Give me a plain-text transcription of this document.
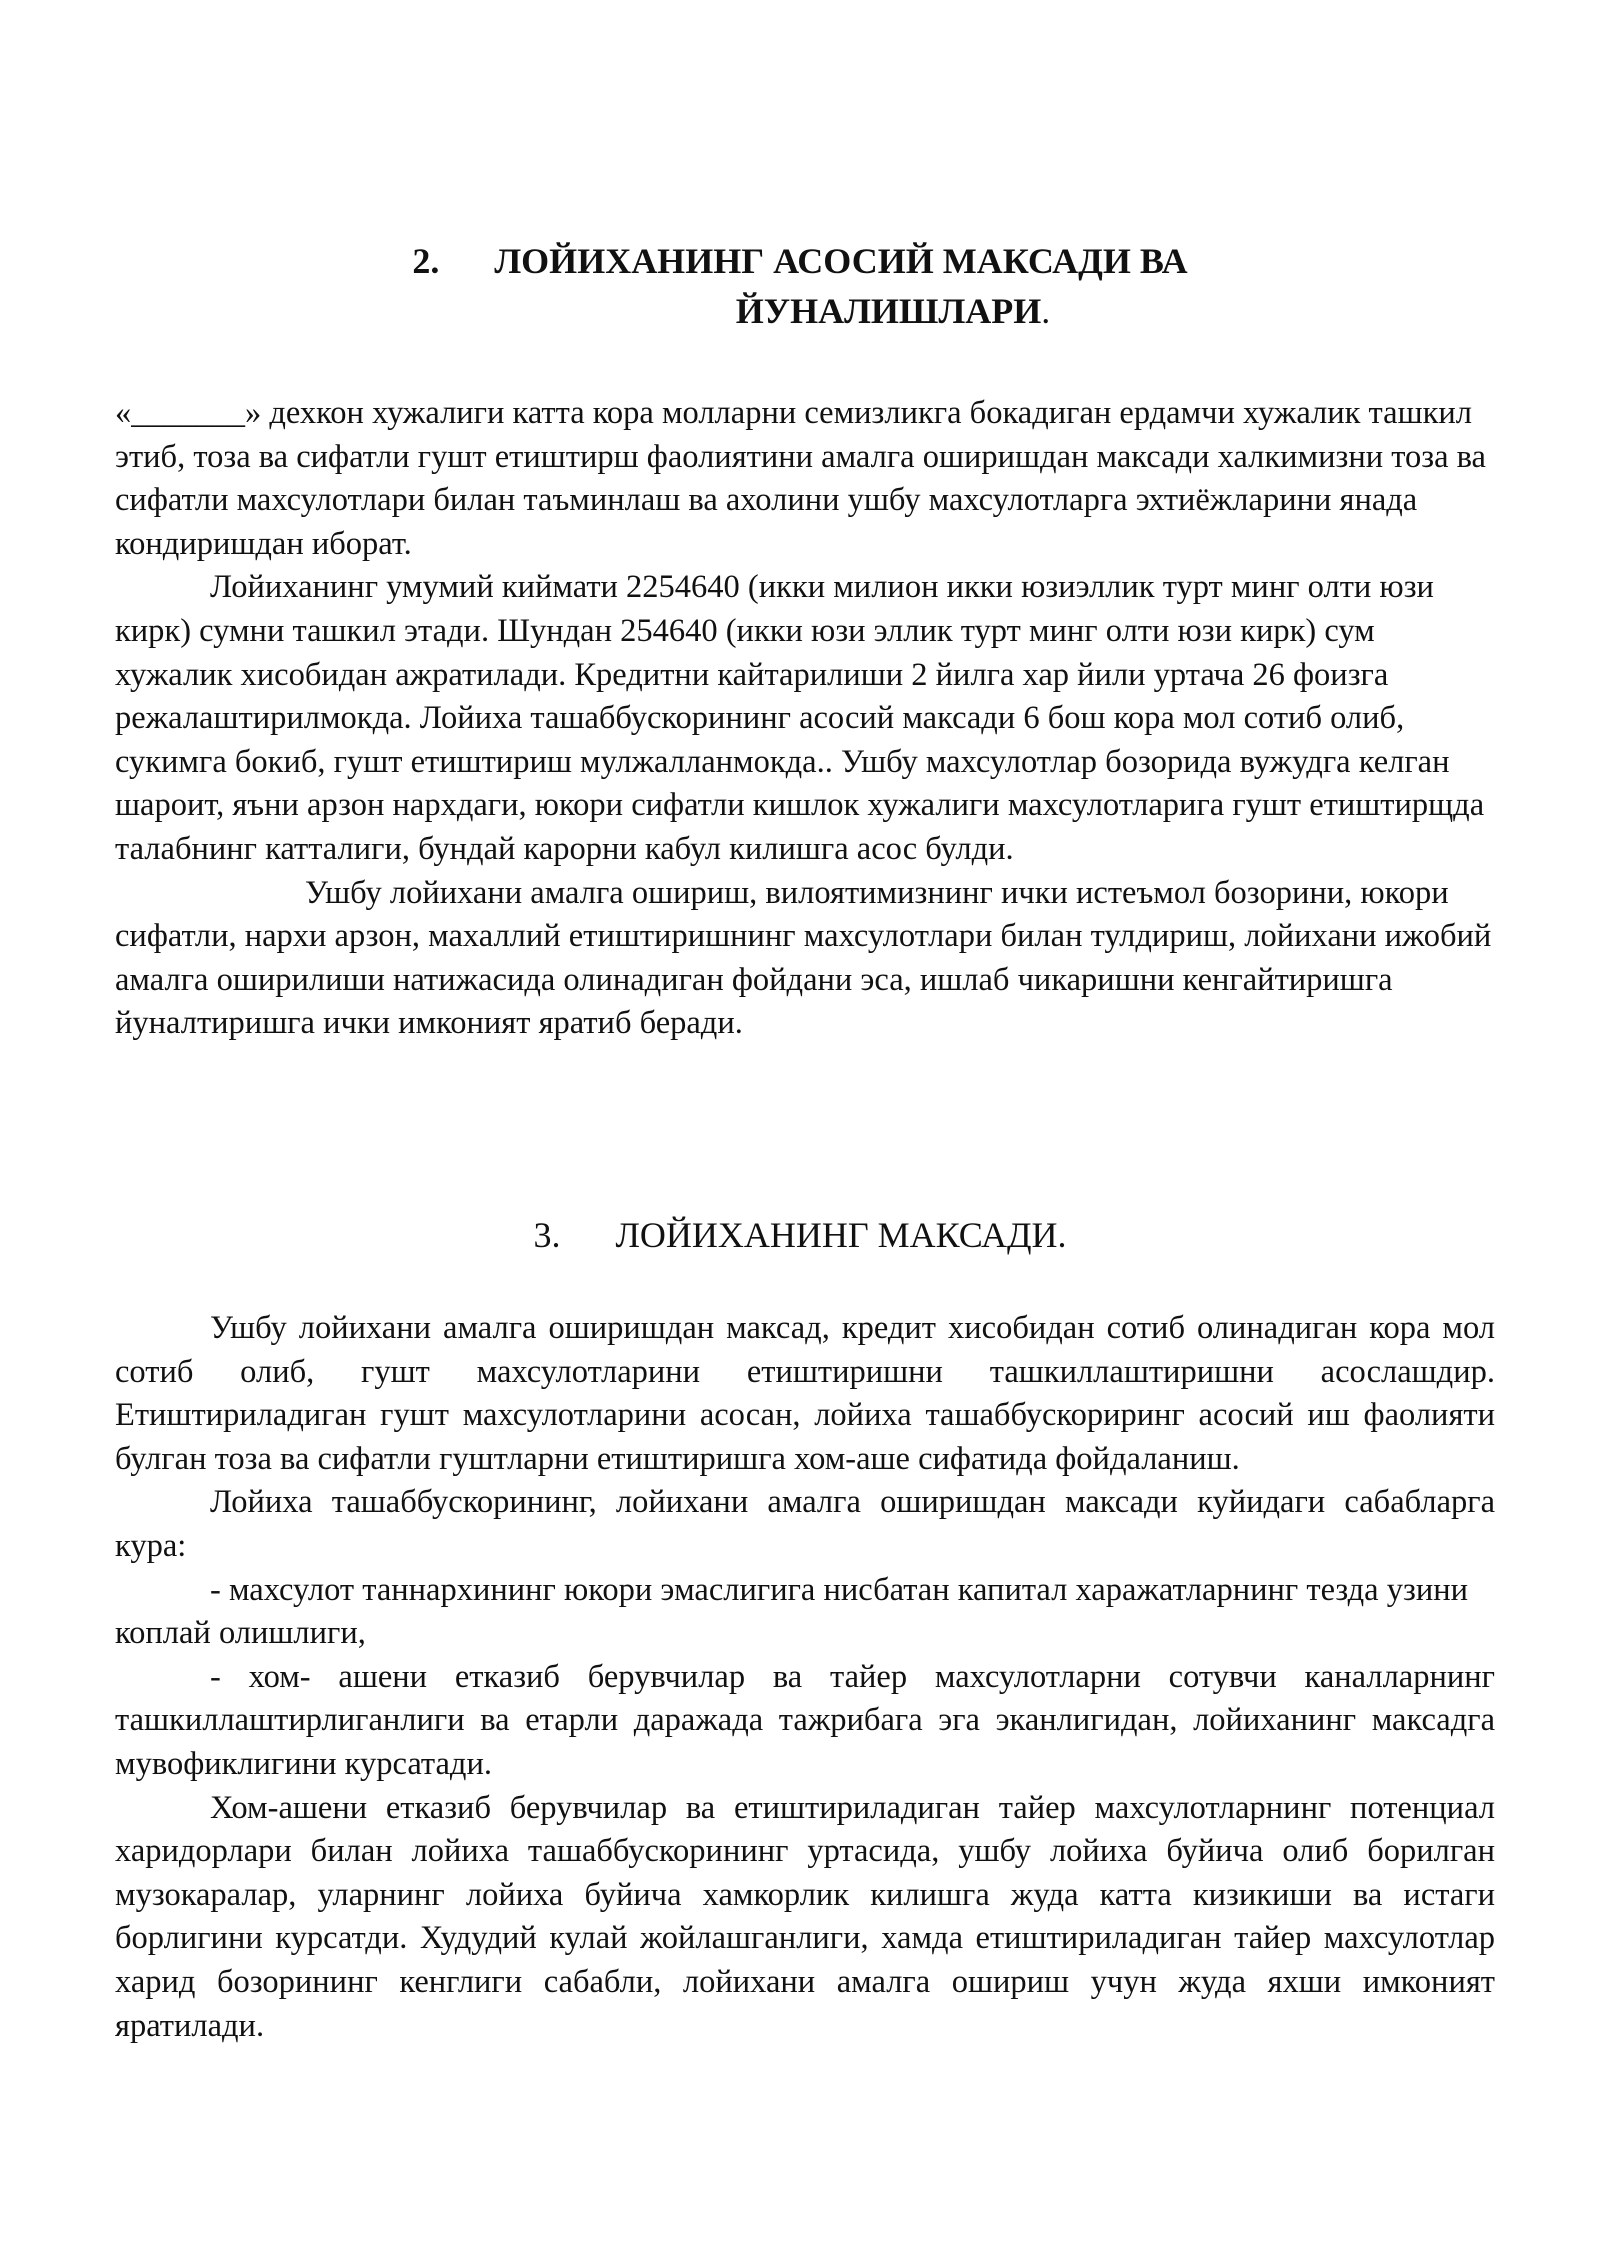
2. ЛОЙИХАНИНГ АСОСИЙ МАКСАДИ ВА
ЙУНАЛИШЛАРИ.

«_______» дехкон хужалиги катта кора молларни семизликга бокадиган ердамчи хужалик ташкил этиб, тоза ва сифатли гушт етиштирш фаолиятини амалга оширишдан максади халкимизни тоза ва сифатли махсулотлари билан таъминлаш ва ахолини ушбу махсулотларга эхтиёжларини янада кондиришдан иборат.

Лойиханинг умумий киймати 2254640 (икки милион икки юзиэллик турт минг олти юзи кирк) сумни ташкил этади. Шундан 254640 (икки юзи эллик турт минг олти юзи кирк) сум хужалик хисобидан ажратилади. Кредитни кайтарилиши 2 йилга хар йили уртача 26 фоизга режалаштирилмокда. Лойиха ташаббускорининг асосий максади 6 бош кора мол сотиб олиб, сукимга бокиб, гушт етиштириш мулжалланмокда.. Ушбу махсулотлар бозорида вужудга келган шароит, яъни арзон нархдаги, юкори сифатли кишлок хужалиги махсулотларига гушт етиштирщда талабнинг катталиги, бундай карорни кабул килишга асос булди.

Ушбу лойихани амалга ошириш, вилоятимизнинг ички истеъмол бозорини, юкори сифатли, нархи арзон, махаллий етиштиришнинг махсулотлари билан тулдириш, лойихани ижобий амалга оширилиши натижасида олинадиган фойдани эса, ишлаб чикаришни кенгайтиришга йуналтиришга ички имконият яратиб беради.

3. ЛОЙИХАНИНГ МАКСАДИ.

Ушбу лойихани амалга оширишдан максад, кредит хисобидан сотиб олинадиган кора мол сотиб олиб, гушт махсулотларини етиштиришни ташкиллаштиришни асослашдир. Етиштириладиган гушт махсулотларини асосан, лойиха ташаббускориринг асосий иш фаолияти булган тоза ва сифатли гуштларни етиштиришга хом-аше сифатида фойдаланиш.

Лойиха ташаббускорининг, лойихани амалга оширишдан максади куйидаги сабабларга кура:

- махсулот таннархининг юкори эмаслигига нисбатан капитал харажатларнинг тезда узини коплай олишлиги,

- хом- ашени етказиб берувчилар ва тайер махсулотларни сотувчи каналларнинг ташкиллаштирлиганлиги ва етарли даражада тажрибага эга эканлигидан, лойиханинг максадга мувофиклигини курсатади.

Хом-ашени етказиб берувчилар ва етиштириладиган тайер махсулотларнинг потенциал харидорлари билан лойиха ташаббускорининг уртасида, ушбу лойиха буйича олиб борилган музокаралар, уларнинг лойиха буйича хамкорлик килишга жуда катта кизикиши ва истаги борлигини курсатди. Худудий кулай жойлашганлиги, хамда етиштириладиган тайер махсулотлар харид бозорининг кенглиги сабабли, лойихани амалга ошириш учун жуда яхши имконият яратилади.
